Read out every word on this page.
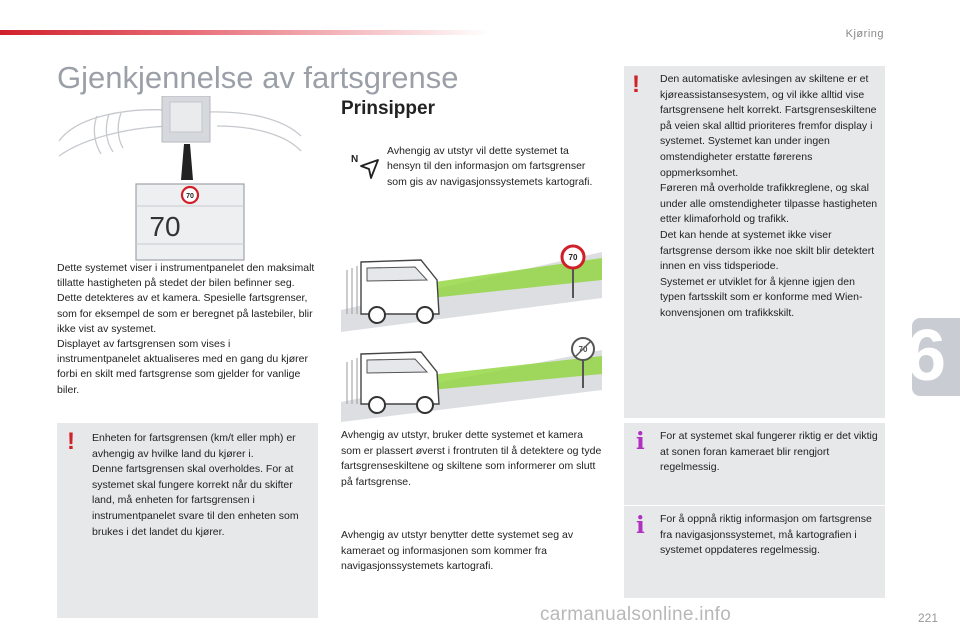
Kjøring
6
Gjenkjennelse av fartsgrense
70
70

Dette systemet viser i instrumentpanelet den maksimalt tillatte hastigheten på stedet der bilen befinner seg. Dette detekteres av et kamera. Spesielle fartsgrenser, som for eksempel de som er beregnet på lastebiler, blir ikke vist av systemet.

Displayet av fartsgrensen som vises i instrumentpanelet aktualiseres med en gang du kjører forbi en skilt med fartsgrense som gjelder for vanlige biler.

! Enheten for fartsgrensen (km/t eller mph) er avhengig av hvilke land du kjører i.

Denne fartsgrensen skal overholdes. For at systemet skal fungere korrekt når du skifter land, må enheten for fartsgrensen i instrumentpanelet svare til den enheten som brukes i det landet du kjører.

Prinsipper
N
Avhengig av utstyr vil dette systemet ta hensyn til den informasjon om fartsgrenser som gis av navigasjonssystemets kartografi.
70
70
Avhengig av utstyr, bruker dette systemet et kamera som er plassert øverst i frontruten til å detektere og tyde fartsgrenseskiltene og skiltene som informerer om slutt på fartsgrense.
Avhengig av utstyr benytter dette systemet seg av kameraet og informasjonen som kommer fra navigasjonssystemets kartografi.
! Den automatiske avlesingen av skiltene er et kjøreassistansesystem, og vil ikke alltid vise fartsgrensene helt korrekt. Fartsgrenseskiltene på veien skal alltid prioriteres fremfor display i systemet. Systemet kan under ingen omstendigheter erstatte førerens oppmerksomhet.

Føreren må overholde trafikkreglene, og skal under alle omstendigheter tilpasse hastigheten etter klimaforhold og trafikk.

Det kan hende at systemet ikke viser fartsgrense dersom ikke noe skilt blir detektert innen en viss tidsperiode.

Systemet er utviklet for å kjenne igjen den typen fartsskilt som er konforme med Wien-konvensjonen om trafikkskilt.

i For at systemet skal fungerer riktig er det viktig at sonen foran kameraet blir rengjort regelmessig.
i For å oppnå riktig informasjon om fartsgrense fra navigasjonssystemet, må kartografien i systemet oppdateres regelmessig.
carmanualsonline.info	221
